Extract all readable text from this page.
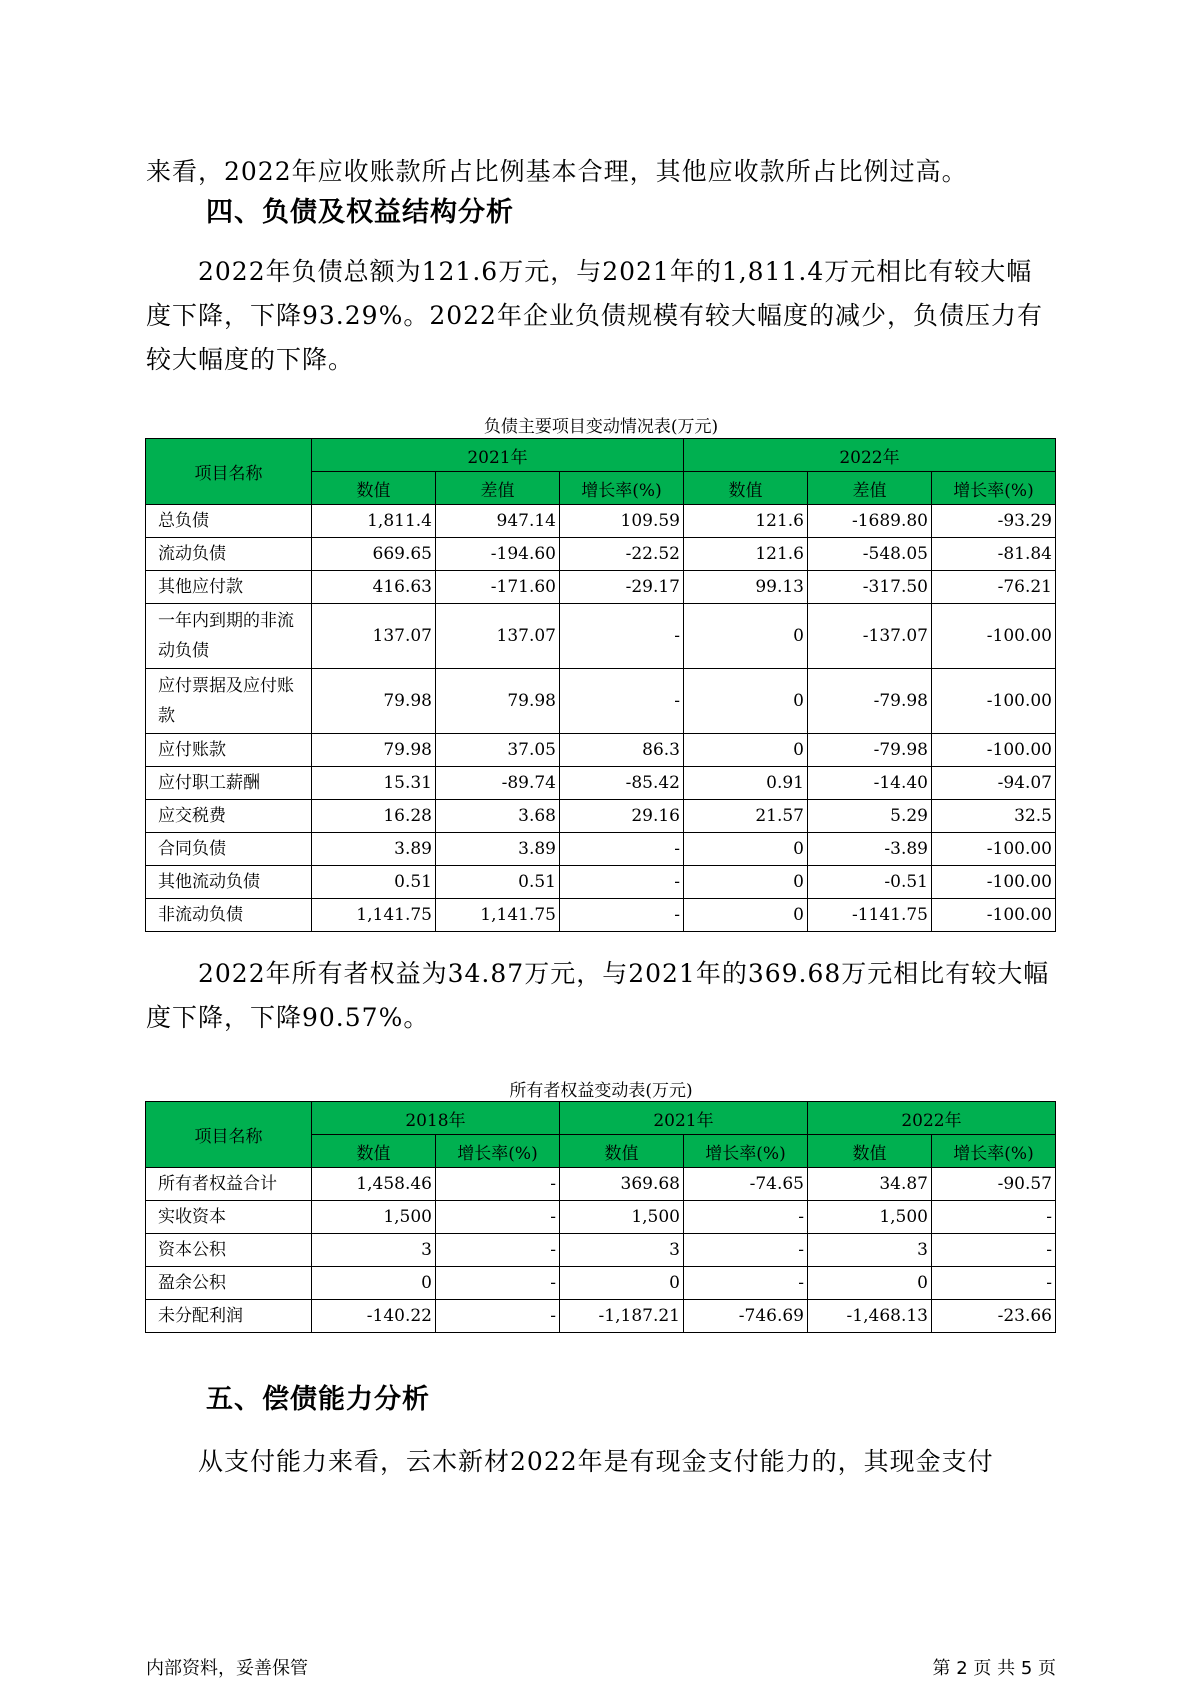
来看，2022年应收账款所占比例基本合理，其他应收款所占比例过高。

四、负债及权益结构分析

2022年负债总额为121.6万元，与2021年的1,811.4万元相比有较大幅度下降，下降93.29%。2022年企业负债规模有较大幅度的减少，负债压力有较大幅度的下降。

负债主要项目变动情况表(万元)

项目名称	2021年			2022年		
	数值	差值	增长率(%)	数值	差值	增长率(%)
总负债	1,811.4	947.14	109.59	121.6	-1689.80	-93.29
流动负债	669.65	-194.60	-22.52	121.6	-548.05	-81.84
其他应付款	416.63	-171.60	-29.17	99.13	-317.50	-76.21
一年内到期的非流动负债	137.07	137.07	-	0	-137.07	-100.00
应付票据及应付账款	79.98	79.98	-	0	-79.98	-100.00
应付账款	79.98	37.05	86.3	0	-79.98	-100.00
应付职工薪酬	15.31	-89.74	-85.42	0.91	-14.40	-94.07
应交税费	16.28	3.68	29.16	21.57	5.29	32.5
合同负债	3.89	3.89	-	0	-3.89	-100.00
其他流动负债	0.51	0.51	-	0	-0.51	-100.00
非流动负债	1,141.75	1,141.75	-	0	-1141.75	-100.00

2022年所有者权益为34.87万元，与2021年的369.68万元相比有较大幅度下降，下降90.57%。

所有者权益变动表(万元)

项目名称	2018年		2021年		2022年	
	数值	增长率(%)	数值	增长率(%)	数值	增长率(%)
所有者权益合计	1,458.46	-	369.68	-74.65	34.87	-90.57
实收资本	1,500	-	1,500	-	1,500	-
资本公积	3	-	3	-	3	-
盈余公积	0	-	0	-	0	-
未分配利润	-140.22	-	-1,187.21	-746.69	-1,468.13	-23.66
五、偿债能力分析

从支付能力来看，云木新材2022年是有现金支付能力的，其现金支付

内部资料，妥善保管	第 2 页 共 5 页
